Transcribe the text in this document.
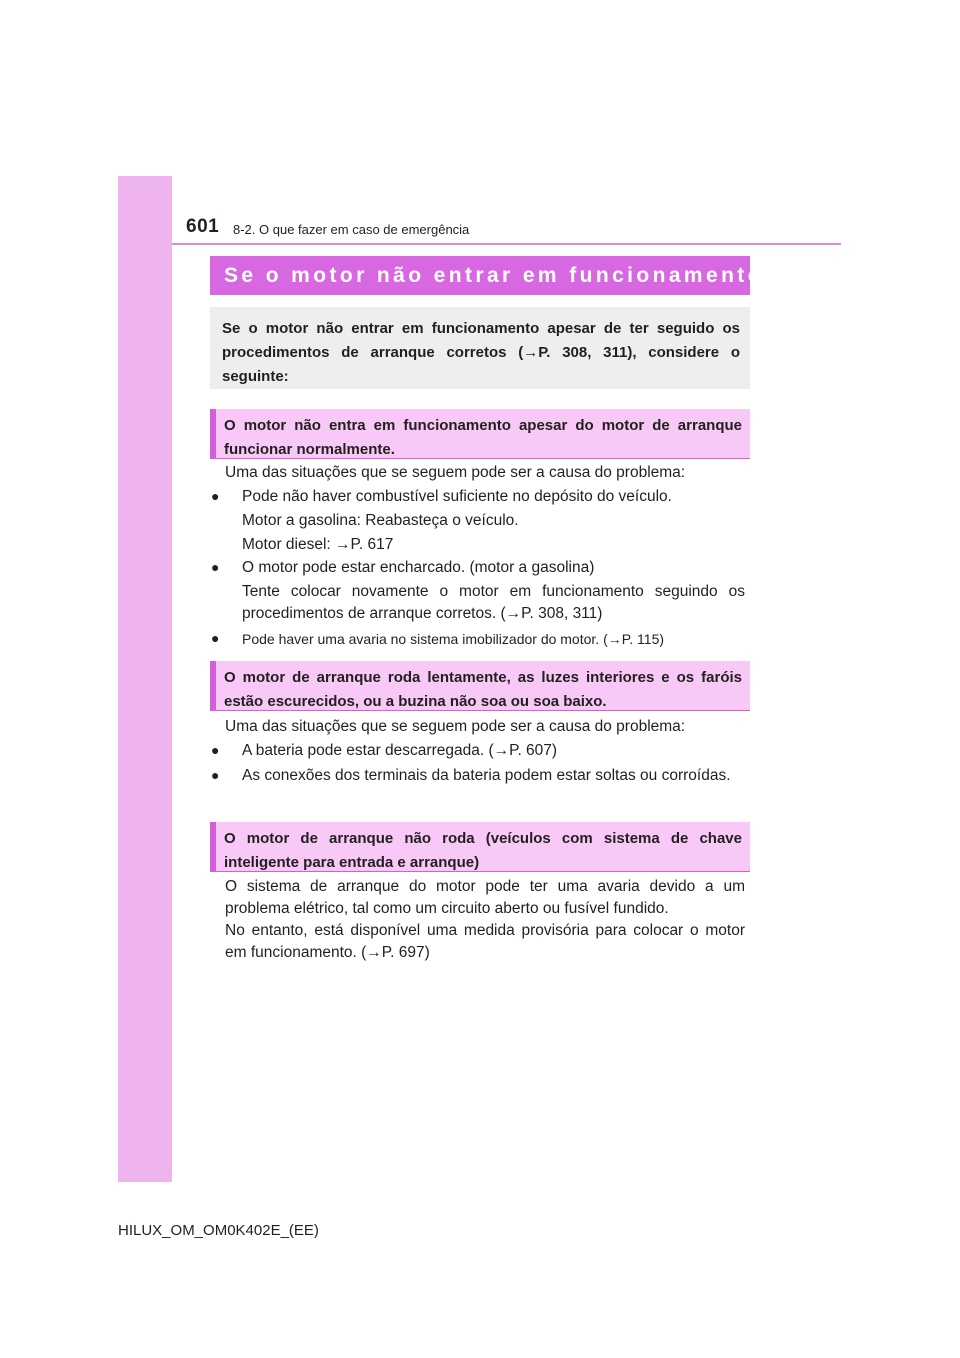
601 8-2. O que fazer em caso de emergência
Se o motor não entrar em funcionamento
Se o motor não entrar em funcionamento apesar de ter seguido os procedimentos de arranque corretos (→P. 308, 311), considere o seguinte:
O motor não entra em funcionamento apesar do motor de arranque funcionar normalmente.
Uma das situações que se seguem pode ser a causa do problema:
● Pode não haver combustível suficiente no depósito do veículo.
Motor a gasolina: Reabasteça o veículo.
Motor diesel: →P. 617
● O motor pode estar encharcado. (motor a gasolina)
Tente colocar novamente o motor em funcionamento seguindo os procedimentos de arranque corretos. (→P. 308, 311)
● Pode haver uma avaria no sistema imobilizador do motor. (→P. 115)
O motor de arranque roda lentamente, as luzes interiores e os faróis estão escurecidos, ou a buzina não soa ou soa baixo.
Uma das situações que se seguem pode ser a causa do problema:
● A bateria pode estar descarregada. (→P. 607)
● As conexões dos terminais da bateria podem estar soltas ou corroídas.
O motor de arranque não roda (veículos com sistema de chave inteligente para entrada e arranque)
O sistema de arranque do motor pode ter uma avaria devido a um problema elétrico, tal como um circuito aberto ou fusível fundido.
No entanto, está disponível uma medida provisória para colocar o motor em funcionamento. (→P. 697)
HILUX_OM_OM0K402E_(EE)
